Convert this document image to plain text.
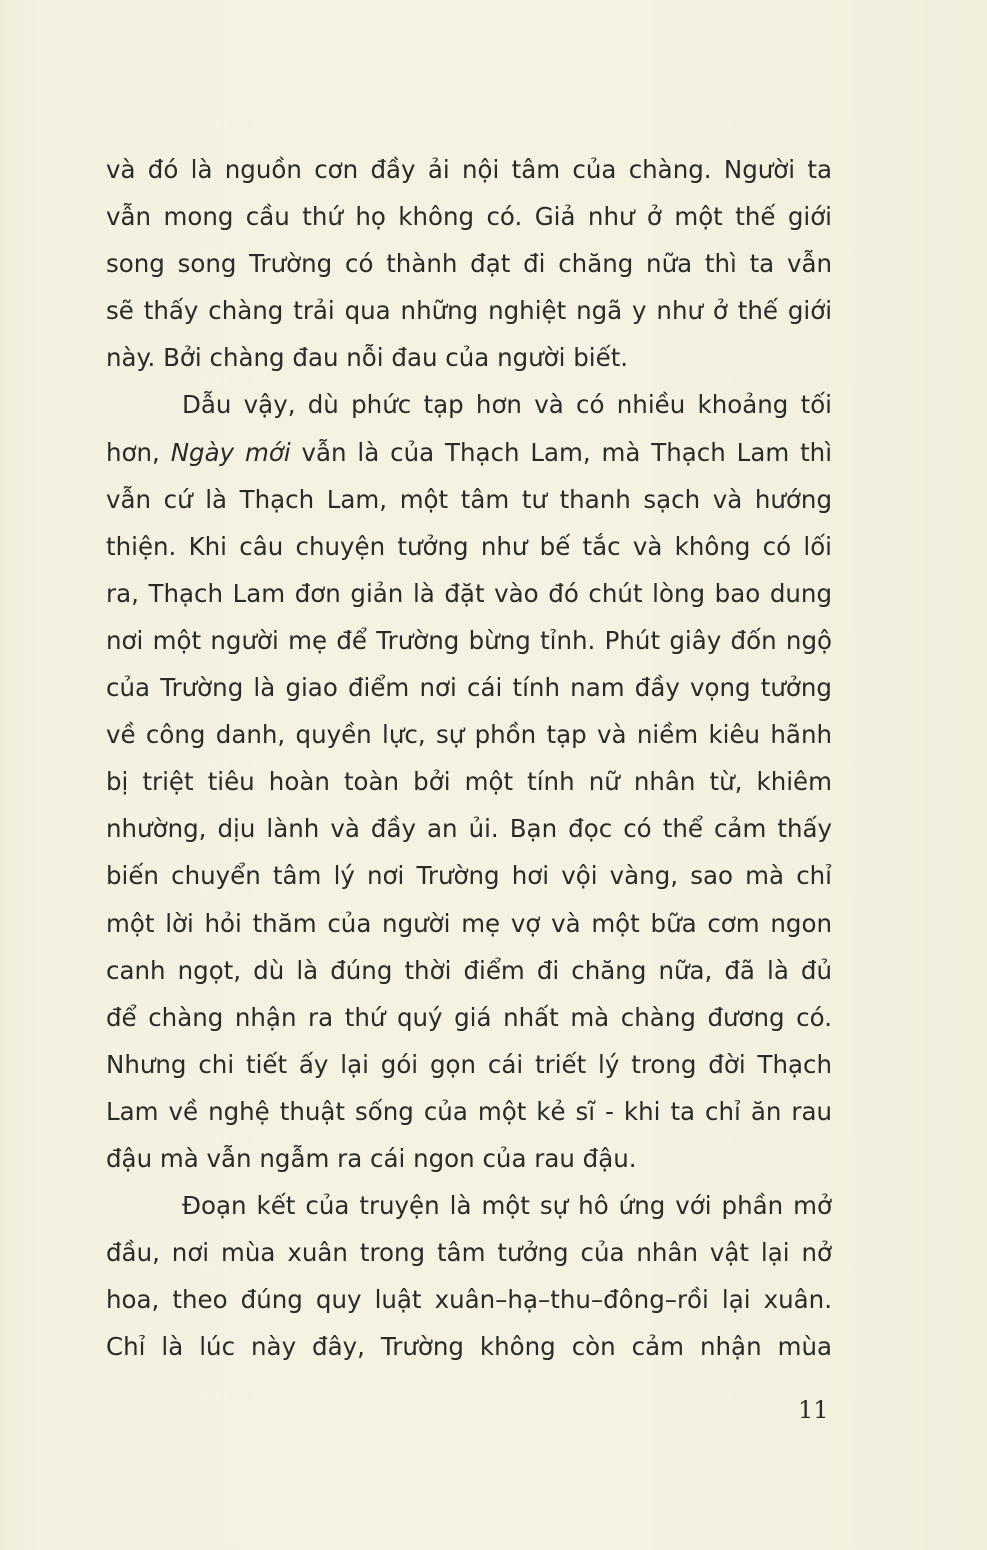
và đó là nguồn cơn đầy ải nội tâm của chàng. Người ta
vẫn mong cầu thứ họ không có. Giả như ở một thế giới
song song Trường có thành đạt đi chăng nữa thì ta vẫn
sẽ thấy chàng trải qua những nghiệt ngã y như ở thế giới
này. Bởi chàng đau nỗi đau của người biết.
Dẫu vậy, dù phức tạp hơn và có nhiều khoảng tối
hơn, Ngày mới vẫn là của Thạch Lam, mà Thạch Lam thì
vẫn cứ là Thạch Lam, một tâm tư thanh sạch và hướng
thiện. Khi câu chuyện tưởng như bế tắc và không có lối
ra, Thạch Lam đơn giản là đặt vào đó chút lòng bao dung
nơi một người mẹ để Trường bừng tỉnh. Phút giây đốn ngộ
của Trường là giao điểm nơi cái tính nam đầy vọng tưởng
về công danh, quyền lực, sự phồn tạp và niềm kiêu hãnh
bị triệt tiêu hoàn toàn bởi một tính nữ nhân từ, khiêm
nhường, dịu lành và đầy an ủi. Bạn đọc có thể cảm thấy
biến chuyển tâm lý nơi Trường hơi vội vàng, sao mà chỉ
một lời hỏi thăm của người mẹ vợ và một bữa cơm ngon
canh ngọt, dù là đúng thời điểm đi chăng nữa, đã là đủ
để chàng nhận ra thứ quý giá nhất mà chàng đương có.
Nhưng chi tiết ấy lại gói gọn cái triết lý trong đời Thạch
Lam về nghệ thuật sống của một kẻ sĩ - khi ta chỉ ăn rau
đậu mà vẫn ngẫm ra cái ngon của rau đậu.
Đoạn kết của truyện là một sự hô ứng với phần mở
đầu, nơi mùa xuân trong tâm tưởng của nhân vật lại nở
hoa, theo đúng quy luật xuân–hạ–thu–đông–rồi lại xuân.
Chỉ là lúc này đây, Trường không còn cảm nhận mùa
11
